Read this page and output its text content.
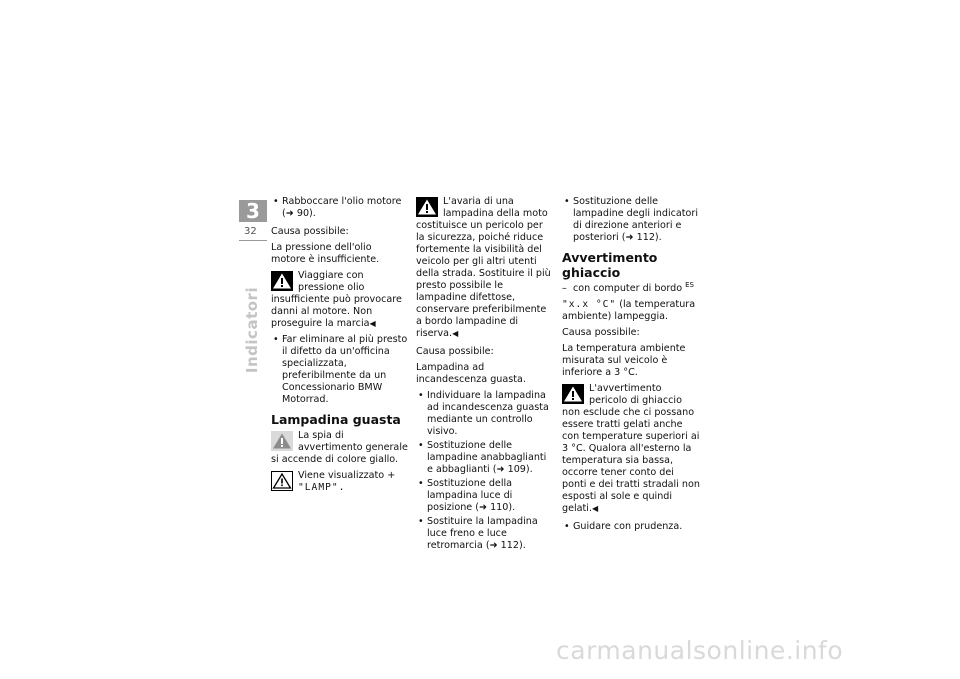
3
32
Indicatori
• Rabboccare l'olio motore
(➜ 90).

Causa possibile:

La pressione dell'olio motore è insufficiente.

Viaggiare con pressione olio insufficiente può provocare danni al motore. Non proseguire la marcia◀
• Far eliminare al più presto il difetto da un'officina specializzata, preferibilmente da un Concessionario BMW Motorrad.
Lampadina guasta
La spia di avvertimento generale si accende di colore giallo.
Viene visualizzato +
"LAMP".
L'avaria di una lampadina della moto costituisce un pericolo per la sicurezza, poiché riduce fortemente la visibilità del veicolo per gli altri utenti della strada. Sostituire il più presto possibile le lampadine difettose, conservare preferibilmente a bordo lampadine di riserva.◀

Causa possibile:

Lampadina ad incandescenza guasta.

• Individuare la lampadina ad incandescenza guasta mediante un controllo visivo.
• Sostituzione delle lampadine anabbaglianti e abbaglianti (➜ 109).
• Sostituzione della lampadina luce di posizione (➜ 110).
• Sostituire la lampadina luce freno e luce retromarcia (➜ 112).
• Sostituzione delle lampadine degli indicatori di direzione anteriori e posteriori (➜ 112).
Avvertimento ghiaccio
– con computer di bordo $^{ES}$

"x.x °C" (la temperatura ambiente) lampeggia.

Causa possibile:

La temperatura ambiente misurata sul veicolo è inferiore a 3 °C.

L'avvertimento pericolo di ghiaccio non esclude che ci possano essere tratti gelati anche con temperature superiori ai 3 °C. Qualora all'esterno la temperatura sia bassa, occorre tener conto dei ponti e dei tratti stradali non esposti al sole e quindi gelati.◀
• Guidare con prudenza.
carmanualsonline.info
